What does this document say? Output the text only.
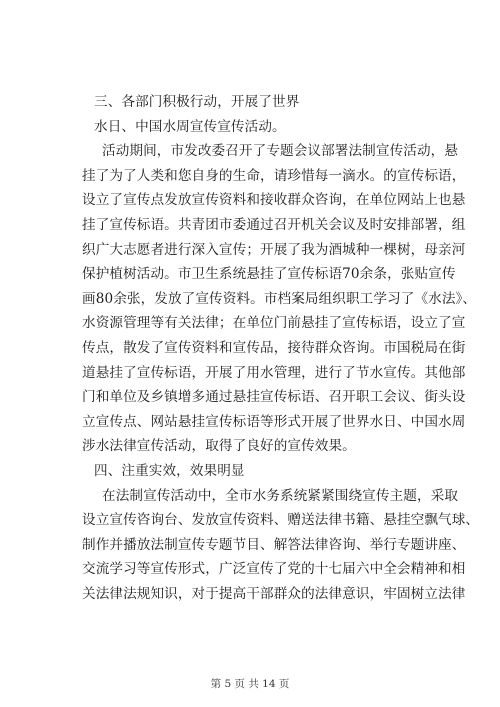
三、各部门积极行动，开展了世界
水日、中国水周宣传宣传活动。
活动期间，市发改委召开了专题会议部署法制宣传活动，悬
挂了为了人类和您自身的生命，请珍惜每一滴水。的宣传标语，
设立了宣传点发放宣传资料和接收群众咨询，在单位网站上也悬
挂了宣传标语。共青团市委通过召开机关会议及时安排部署，组
织广大志愿者进行深入宣传；开展了我为酒城种一棵树，母亲河
保护植树活动。市卫生系统悬挂了宣传标语70余条，张贴宣传
画80余张，发放了宣传资料。市档案局组织职工学习了《水法》、
水资源管理等有关法律；在单位门前悬挂了宣传标语，设立了宣
传点，散发了宣传资料和宣传品，接待群众咨询。市国税局在街
道悬挂了宣传标语，开展了用水管理，进行了节水宣传。其他部
门和单位及乡镇增多通过悬挂宣传标语、召开职工会议、街头设
立宣传点、网站悬挂宣传标语等形式开展了世界水日、中国水周
涉水法律宣传活动，取得了良好的宣传效果。
四、注重实效，效果明显
在法制宣传活动中，全市水务系统紧紧围绕宣传主题，采取
设立宣传咨询台、发放宣传资料、赠送法律书籍、悬挂空飘气球、
制作并播放法制宣传专题节目、解答法律咨询、举行专题讲座、
交流学习等宣传形式，广泛宣传了党的十七届六中全会精神和相
关法律法规知识，对于提高干部群众的法律意识，牢固树立法律
第 5 页 共 14 页
